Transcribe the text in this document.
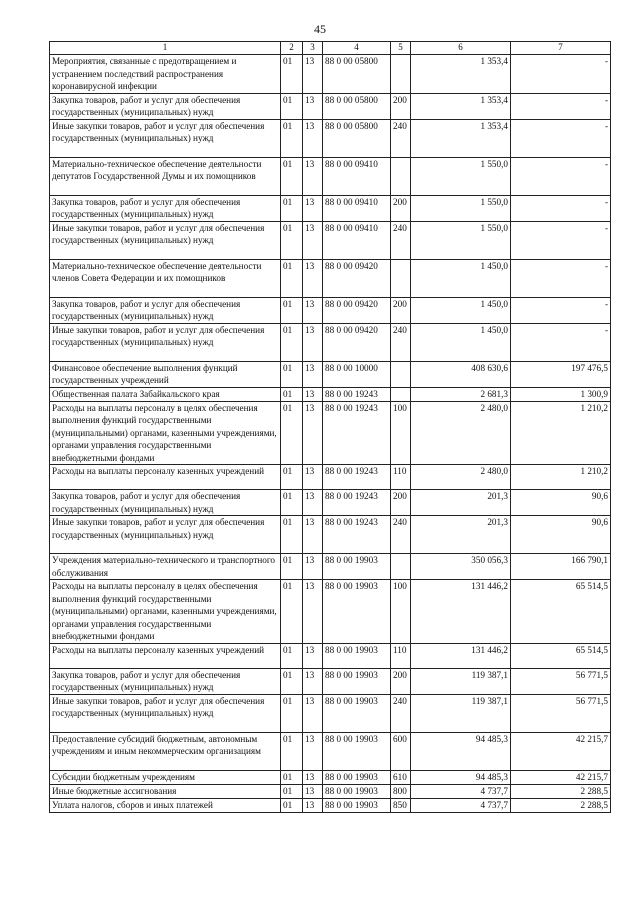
45
1	2	3	4	5	6	7
Мероприятия, связанные с предотвращением и устранением последствий распространения коронавирусной инфекции	01	13	88 0 00 05800		1 353,4	-
Закупка товаров, работ и услуг для обеспечения государственных (муниципальных) нужд	01	13	88 0 00 05800	200	1 353,4	-
Иные закупки товаров, работ и услуг для обеспечения государственных (муниципальных) нужд	01	13	88 0 00 05800	240	1 353,4	-
Материально-техническое обеспечение деятельности депутатов Государственной Думы и их помощников	01	13	88 0 00 09410		1 550,0	-
Закупка товаров, работ и услуг для обеспечения государственных (муниципальных) нужд	01	13	88 0 00 09410	200	1 550,0	-
Иные закупки товаров, работ и услуг для обеспечения государственных (муниципальных) нужд	01	13	88 0 00 09410	240	1 550,0	-
Материально-техническое обеспечение деятельности членов Совета Федерации и их помощников	01	13	88 0 00 09420		1 450,0	-
Закупка товаров, работ и услуг для обеспечения государственных (муниципальных) нужд	01	13	88 0 00 09420	200	1 450,0	-
Иные закупки товаров, работ и услуг для обеспечения государственных (муниципальных) нужд	01	13	88 0 00 09420	240	1 450,0	-
Финансовое обеспечение выполнения функций государственных учреждений	01	13	88 0 00 10000		408 630,6	197 476,5
Общественная палата Забайкальского края	01	13	88 0 00 19243		2 681,3	1 300,9
Расходы на выплаты персоналу в целях обеспечения выполнения функций государственными (муниципальными) органами, казенными учреждениями, органами управления государственными внебюджетными фондами	01	13	88 0 00 19243	100	2 480,0	1 210,2
Расходы на выплаты персоналу казенных учреждений	01	13	88 0 00 19243	110	2 480,0	1 210,2
Закупка товаров, работ и услуг для обеспечения государственных (муниципальных) нужд	01	13	88 0 00 19243	200	201,3	90,6
Иные закупки товаров, работ и услуг для обеспечения государственных (муниципальных) нужд	01	13	88 0 00 19243	240	201,3	90,6
Учреждения материально-технического и транспортного обслуживания	01	13	88 0 00 19903		350 056,3	166 790,1
Расходы на выплаты персоналу в целях обеспечения выполнения функций государственными (муниципальными) органами, казенными учреждениями, органами управления государственными внебюджетными фондами	01	13	88 0 00 19903	100	131 446,2	65 514,5
Расходы на выплаты персоналу казенных учреждений	01	13	88 0 00 19903	110	131 446,2	65 514,5
Закупка товаров, работ и услуг для обеспечения государственных (муниципальных) нужд	01	13	88 0 00 19903	200	119 387,1	56 771,5
Иные закупки товаров, работ и услуг для обеспечения государственных (муниципальных) нужд	01	13	88 0 00 19903	240	119 387,1	56 771,5
Предоставление субсидий бюджетным, автономным учреждениям и иным некоммерческим организациям	01	13	88 0 00 19903	600	94 485,3	42 215,7
Субсидии бюджетным учреждениям	01	13	88 0 00 19903	610	94 485,3	42 215,7
Иные бюджетные ассигнования	01	13	88 0 00 19903	800	4 737,7	2 288,5
Уплата налогов, сборов и иных платежей	01	13	88 0 00 19903	850	4 737,7	2 288,5
